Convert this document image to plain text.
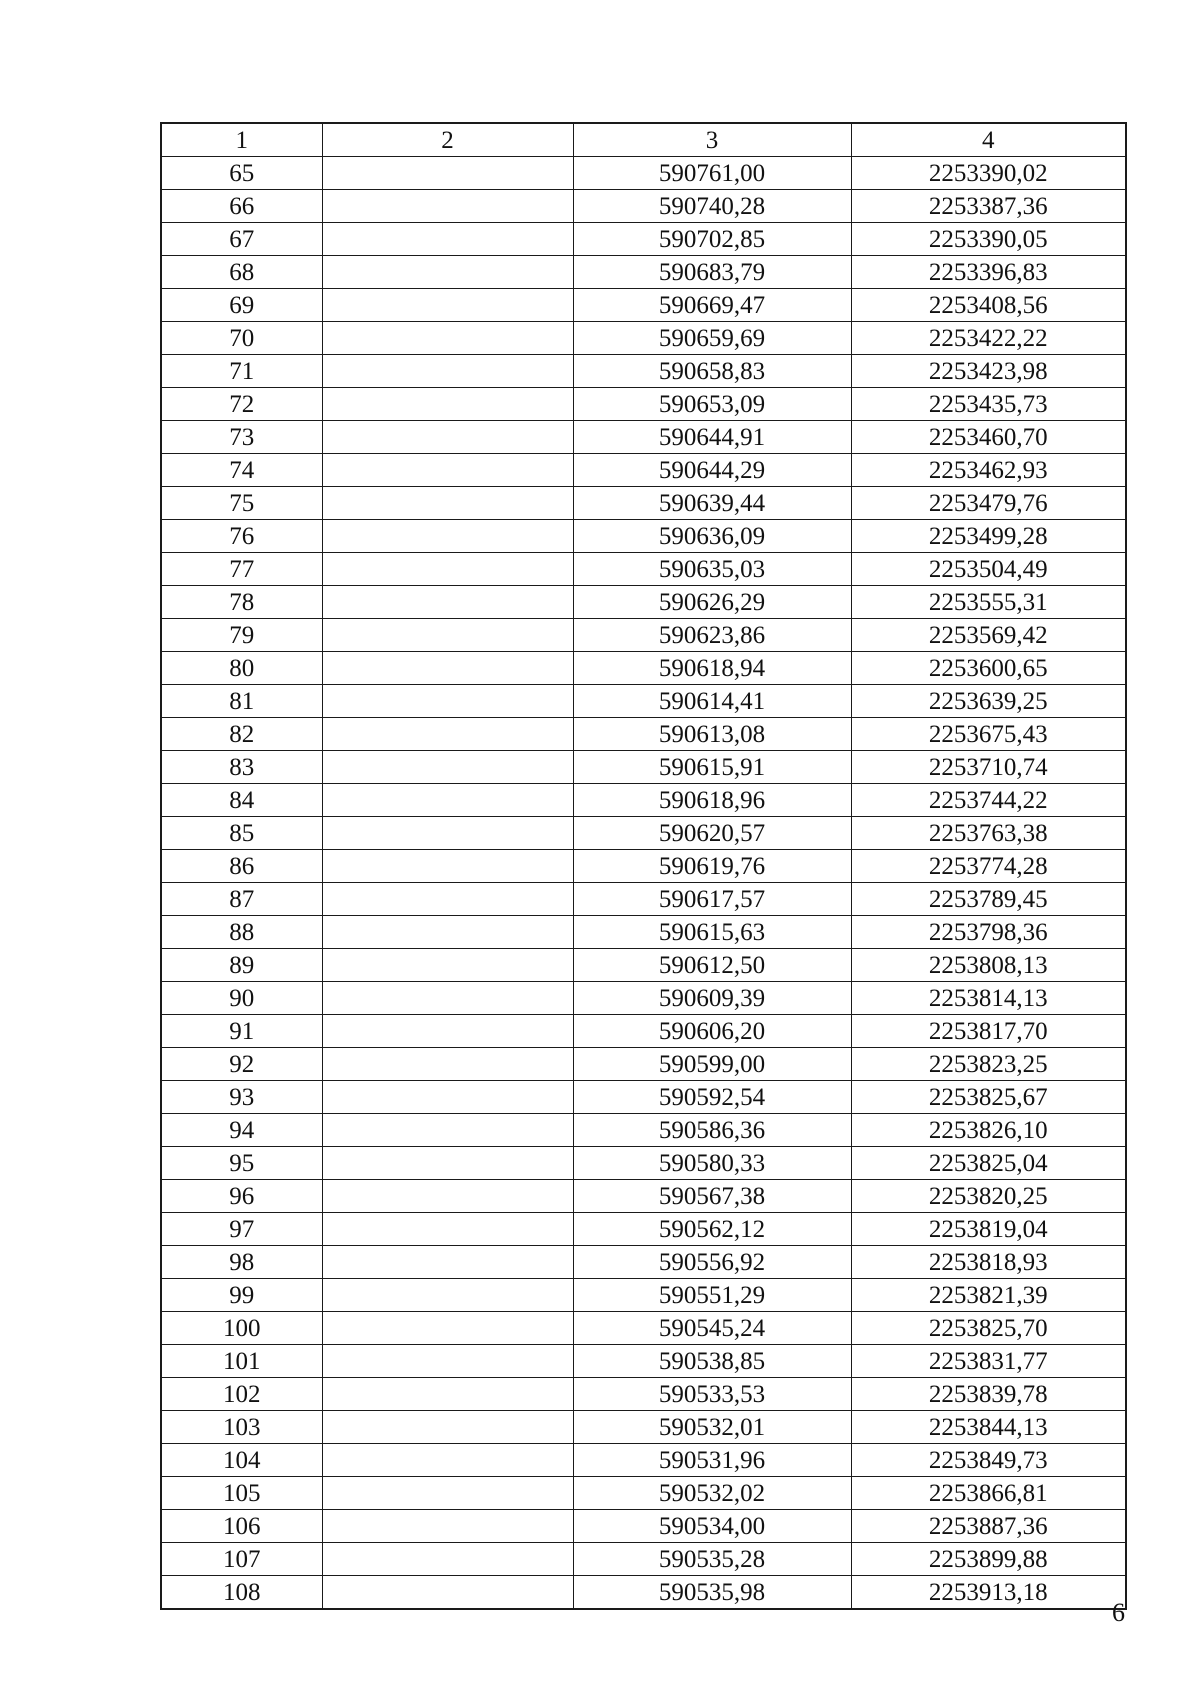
1	2	3	4
65		590761,00	2253390,02
66		590740,28	2253387,36
67		590702,85	2253390,05
68		590683,79	2253396,83
69		590669,47	2253408,56
70		590659,69	2253422,22
71		590658,83	2253423,98
72		590653,09	2253435,73
73		590644,91	2253460,70
74		590644,29	2253462,93
75		590639,44	2253479,76
76		590636,09	2253499,28
77		590635,03	2253504,49
78		590626,29	2253555,31
79		590623,86	2253569,42
80		590618,94	2253600,65
81		590614,41	2253639,25
82		590613,08	2253675,43
83		590615,91	2253710,74
84		590618,96	2253744,22
85		590620,57	2253763,38
86		590619,76	2253774,28
87		590617,57	2253789,45
88		590615,63	2253798,36
89		590612,50	2253808,13
90		590609,39	2253814,13
91		590606,20	2253817,70
92		590599,00	2253823,25
93		590592,54	2253825,67
94		590586,36	2253826,10
95		590580,33	2253825,04
96		590567,38	2253820,25
97		590562,12	2253819,04
98		590556,92	2253818,93
99		590551,29	2253821,39
100		590545,24	2253825,70
101		590538,85	2253831,77
102		590533,53	2253839,78
103		590532,01	2253844,13
104		590531,96	2253849,73
105		590532,02	2253866,81
106		590534,00	2253887,36
107		590535,28	2253899,88
108		590535,98	2253913,18
6
